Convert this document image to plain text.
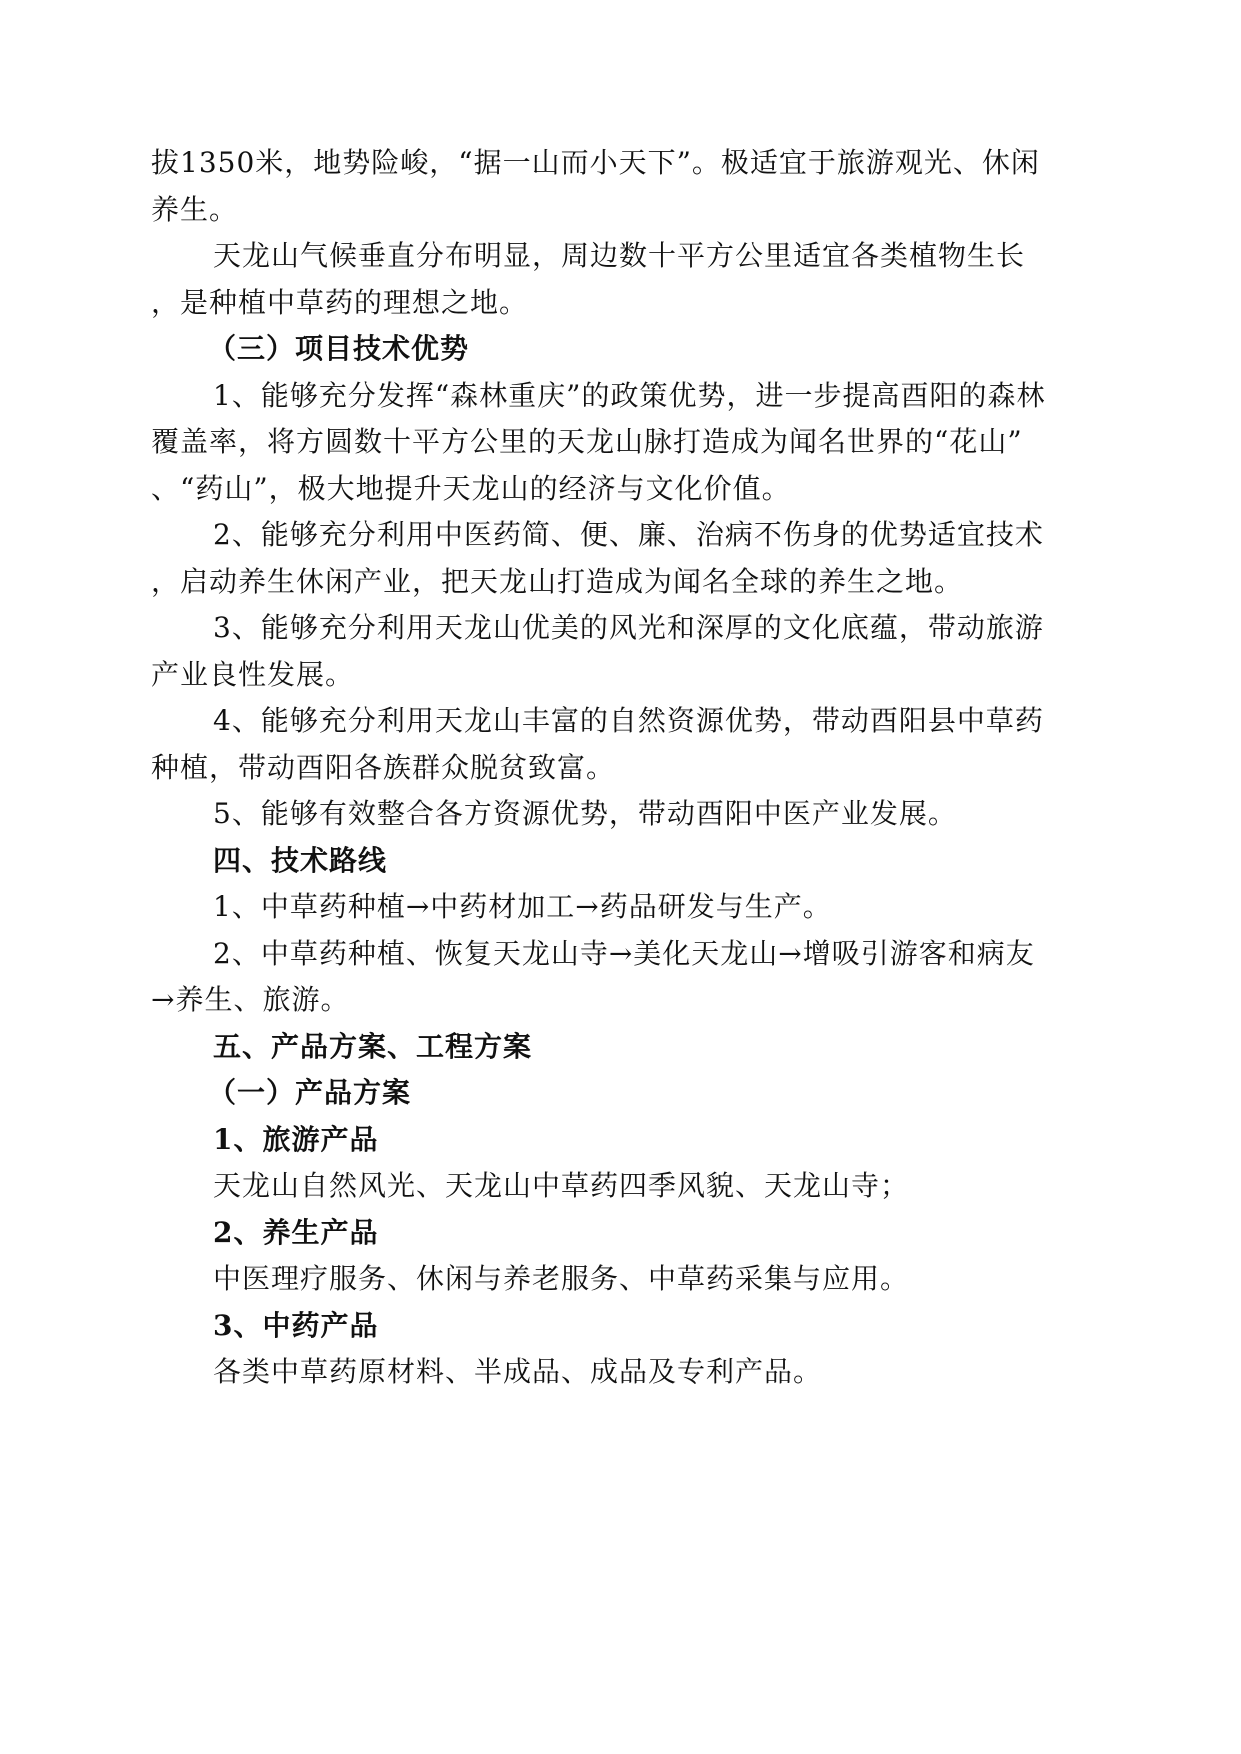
拔1350米，地势险峻，“据一山而小天下”。极适宜于旅游观光、休闲
养生。
天龙山气候垂直分布明显，周边数十平方公里适宜各类植物生长
，是种植中草药的理想之地。
（三）项目技术优势
1、能够充分发挥“森林重庆”的政策优势，进一步提高酉阳的森林
覆盖率，将方圆数十平方公里的天龙山脉打造成为闻名世界的“花山”
、“药山”，极大地提升天龙山的经济与文化价值。
2、能够充分利用中医药简、便、廉、治病不伤身的优势适宜技术
，启动养生休闲产业，把天龙山打造成为闻名全球的养生之地。
3、能够充分利用天龙山优美的风光和深厚的文化底蕴，带动旅游
产业良性发展。
4、能够充分利用天龙山丰富的自然资源优势，带动酉阳县中草药
种植，带动酉阳各族群众脱贫致富。
5、能够有效整合各方资源优势，带动酉阳中医产业发展。
四、技术路线
1、中草药种植→中药材加工→药品研发与生产。
2、中草药种植、恢复天龙山寺→美化天龙山→增吸引游客和病友
→养生、旅游。
五、产品方案、工程方案
（一）产品方案
1、旅游产品
天龙山自然风光、天龙山中草药四季风貌、天龙山寺；
2、养生产品
中医理疗服务、休闲与养老服务、中草药采集与应用。
3、中药产品
各类中草药原材料、半成品、成品及专利产品。
